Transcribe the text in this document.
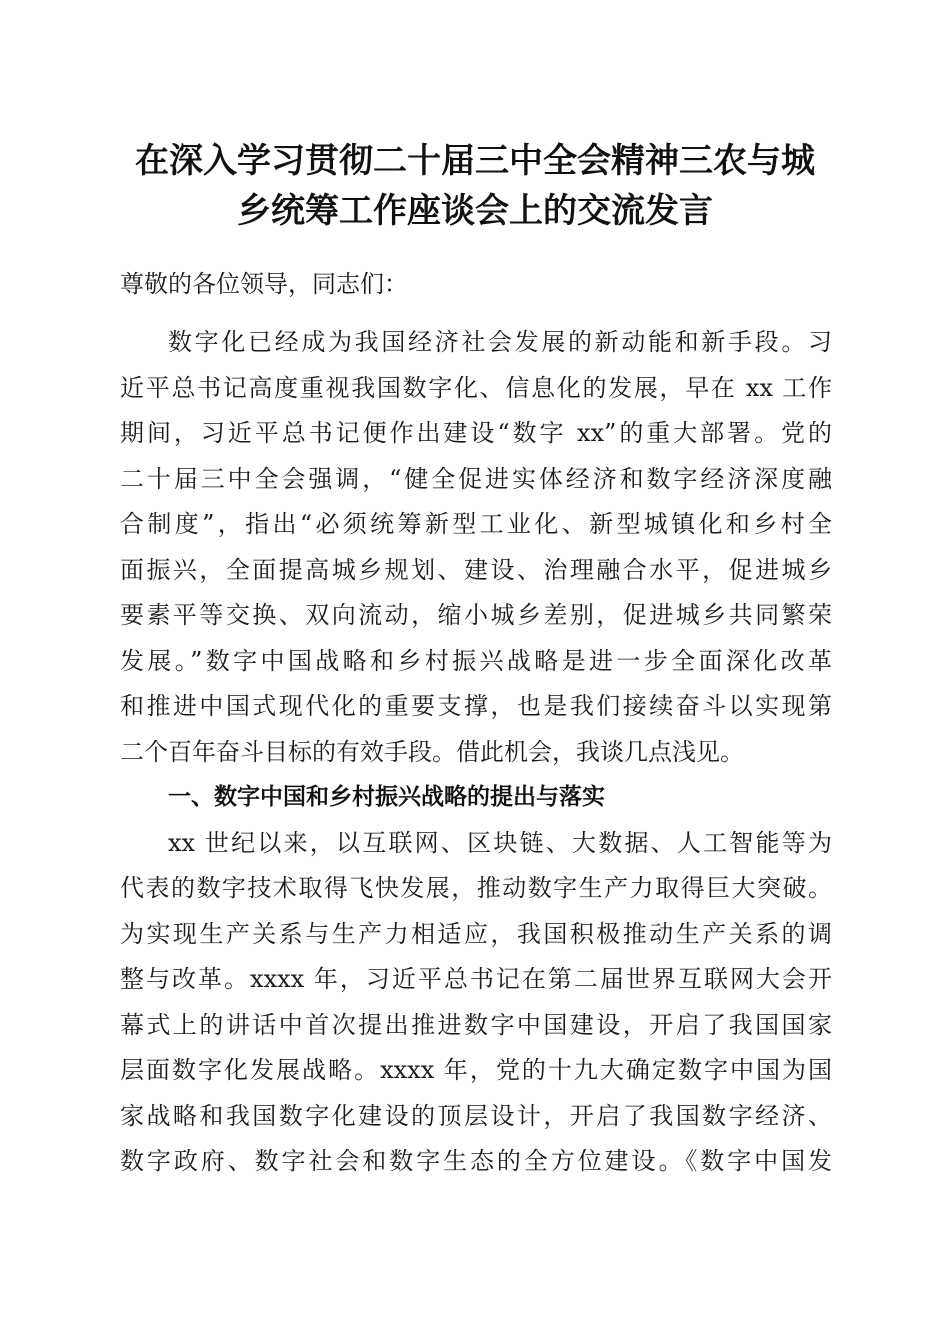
在深入学习贯彻二十届三中全会精神三农与城
乡统筹工作座谈会上的交流发言
尊敬的各位领导，同志们：
数字化已经成为我国经济社会发展的新动能和新手段。习
近平总书记高度重视我国数字化、信息化的发展，早在 xx 工作
期间，习近平总书记便作出建设“数字 xx”的重大部署。党的
二十届三中全会强调，“健全促进实体经济和数字经济深度融
合制度”，指出“必须统筹新型工业化、新型城镇化和乡村全
面振兴，全面提高城乡规划、建设、治理融合水平，促进城乡
要素平等交换、双向流动，缩小城乡差别，促进城乡共同繁荣
发展。”数字中国战略和乡村振兴战略是进一步全面深化改革
和推进中国式现代化的重要支撑，也是我们接续奋斗以实现第
二个百年奋斗目标的有效手段。借此机会，我谈几点浅见。
一、数字中国和乡村振兴战略的提出与落实
xx 世纪以来，以互联网、区块链、大数据、人工智能等为
代表的数字技术取得飞快发展，推动数字生产力取得巨大突破。
为实现生产关系与生产力相适应，我国积极推动生产关系的调
整与改革。xxxx 年，习近平总书记在第二届世界互联网大会开
幕式上的讲话中首次提出推进数字中国建设，开启了我国国家
层面数字化发展战略。xxxx 年，党的十九大确定数字中国为国
家战略和我国数字化建设的顶层设计，开启了我国数字经济、
数字政府、数字社会和数字生态的全方位建设。《数字中国发
